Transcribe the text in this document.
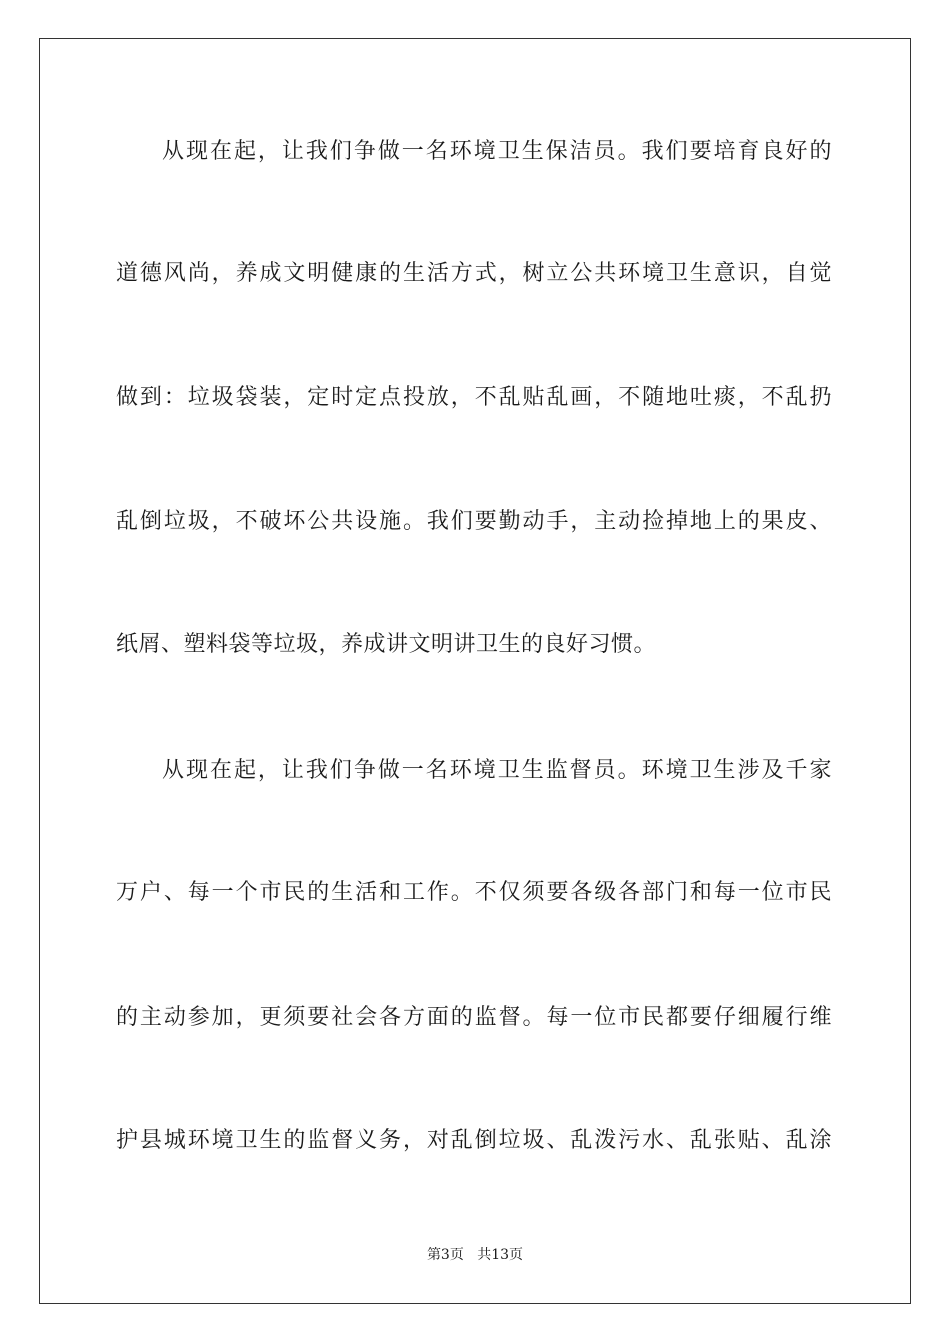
从现在起，让我们争做一名环境卫生保洁员。我们要培育良好的
道德风尚，养成文明健康的生活方式，树立公共环境卫生意识，自觉
做到：垃圾袋装，定时定点投放，不乱贴乱画，不随地吐痰，不乱扔
乱倒垃圾，不破坏公共设施。我们要勤动手，主动捡掉地上的果皮、
纸屑、塑料袋等垃圾，养成讲文明讲卫生的良好习惯。
从现在起，让我们争做一名环境卫生监督员。环境卫生涉及千家
万户、每一个市民的生活和工作。不仅须要各级各部门和每一位市民
的主动参加，更须要社会各方面的监督。每一位市民都要仔细履行维
护县城环境卫生的监督义务，对乱倒垃圾、乱泼污水、乱张贴、乱涂
第3页 共13页
